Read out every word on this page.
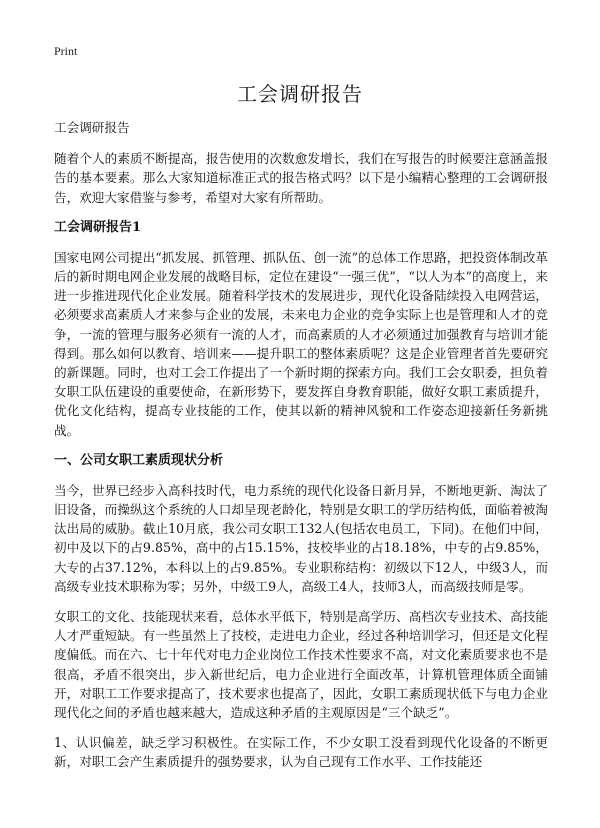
Print
工会调研报告

工会调研报告

随着个人的素质不断提高，报告使用的次数愈发增长，我们在写报告的时候要注意涵盖报告的基本要素。那么大家知道标准正式的报告格式吗？以下是小编精心整理的工会调研报告，欢迎大家借鉴与参考，希望对大家有所帮助。

工会调研报告1

国家电网公司提出“抓发展、抓管理、抓队伍、创一流”的总体工作思路，把投资体制改革后的新时期电网企业发展的战略目标，定位在建设“一强三优”，“以人为本”的高度上，来进一步推进现代化企业发展。随着科学技术的发展进步，现代化设备陆续投入电网营运，必须要求高素质人才来参与企业的发展，未来电力企业的竞争实际上也是管理和人才的竞争，一流的管理与服务必须有一流的人才，而高素质的人才必须通过加强教育与培训才能得到。那么如何以教育、培训来——提升职工的整体素质呢？这是企业管理者首先要研究的新课题。同时，也对工会工作提出了一个新时期的探索方向。我们工会女职委，担负着女职工队伍建设的重要使命，在新形势下，要发挥自身教育职能，做好女职工素质提升，优化文化结构，提高专业技能的工作，使其以新的精神风貌和工作姿态迎接新任务新挑战。

一、公司女职工素质现状分析

当今，世界已经步入高科技时代，电力系统的现代化设备日新月异，不断地更新、淘汰了旧设备，而操纵这个系统的人口却呈现老龄化，特别是女职工的学历结构低，面临着被淘汰出局的威胁。截止10月底，我公司女职工132人(包括农电员工，下同)。在他们中间，初中及以下的占9.85%，高中的占15.15%，技校毕业的占18.18%，中专的占9.85%，大专的占37.12%，本科以上的占9.85%。专业职称结构：初级以下12人，中级3人，而高级专业技术职称为零；另外，中级工9人，高级工4人，技师3人，而高级技师是零。

女职工的文化、技能现状来看，总体水平低下，特别是高学历、高档次专业技术、高技能人才严重短缺。有一些虽然上了技校，走进电力企业，经过各种培训学习，但还是文化程度偏低。而在六、七十年代对电力企业岗位工作技术性要求不高，对文化素质要求也不是很高，矛盾不很突出，步入新世纪后，电力企业进行全面改革，计算机管理体质全面铺开，对职工工作要求提高了，技术要求也提高了，因此，女职工素质现状低下与电力企业现代化之间的矛盾也越来越大，造成这种矛盾的主观原因是“三个缺乏”。

1、认识偏差，缺乏学习积极性。在实际工作，不少女职工没看到现代化设备的不断更新，对职工会产生素质提升的强势要求，认为自己现有工作水平、工作技能还
